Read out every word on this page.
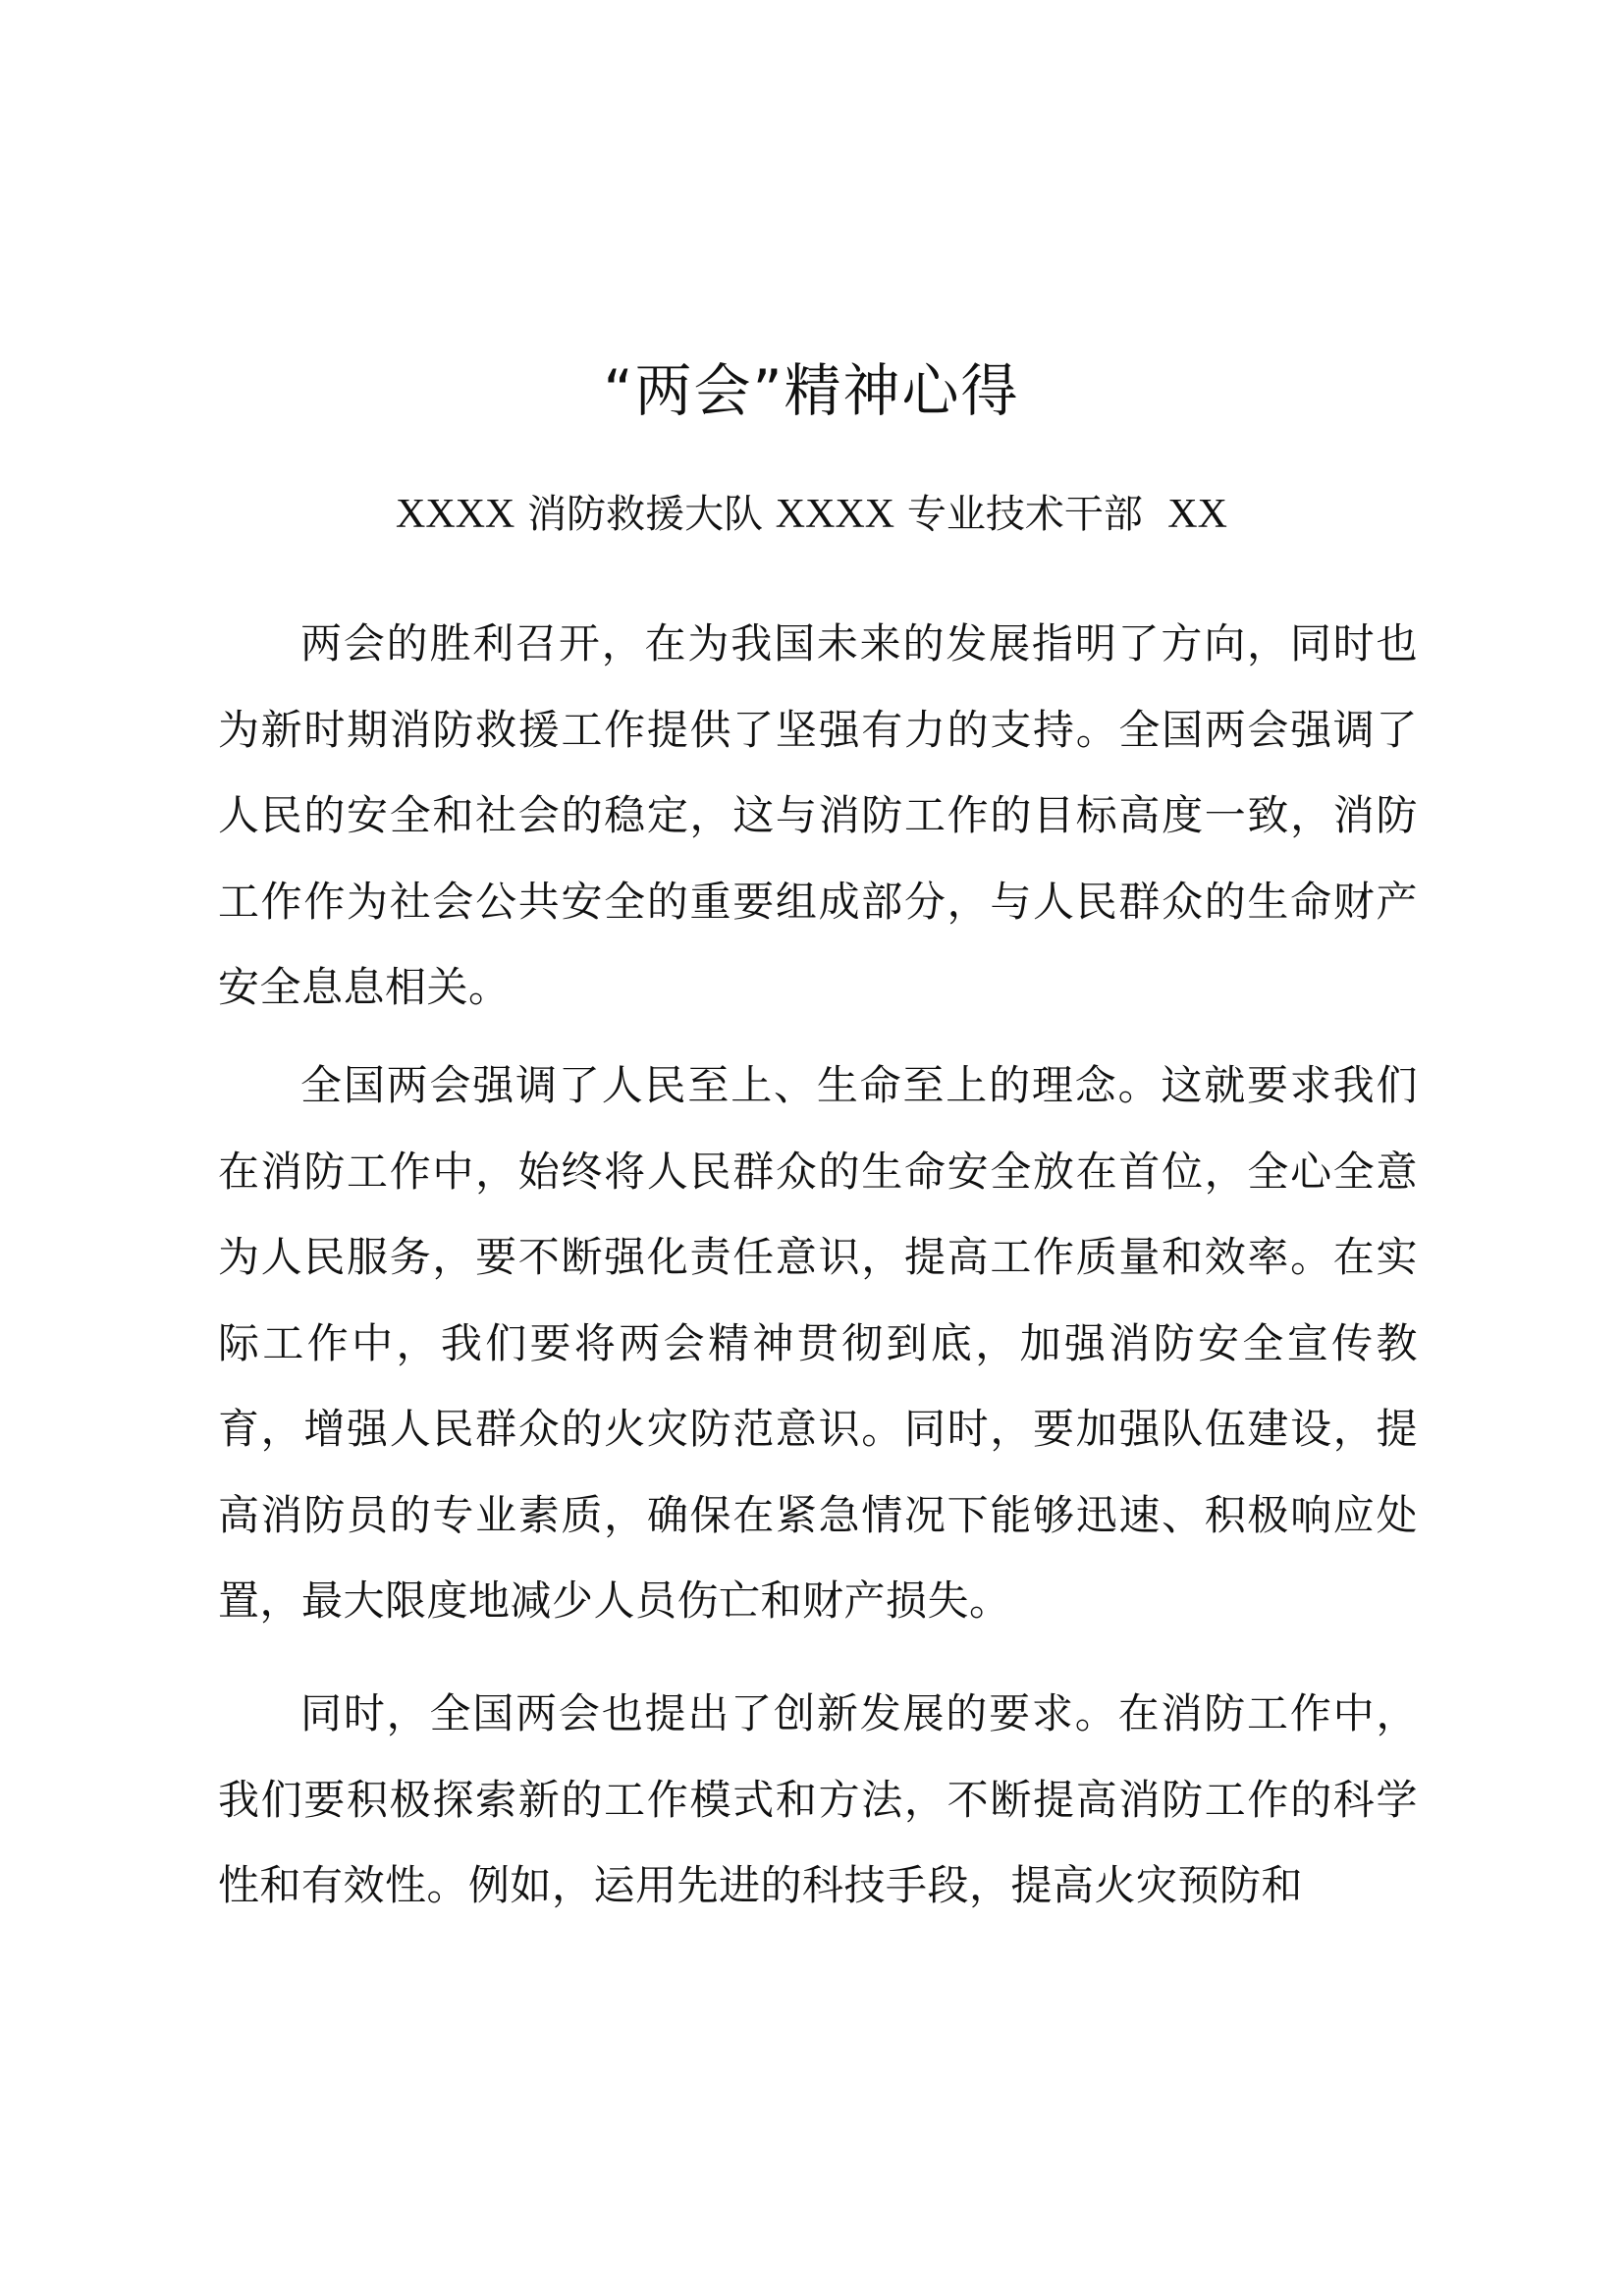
“两会”精神心得

XXXX 消防救援大队 XXXX 专业技术干部 XX

两会的胜利召开，在为我国未来的发展指明了方向，同时也为新时期消防救援工作提供了坚强有力的支持。全国两会强调了人民的安全和社会的稳定，这与消防工作的目标高度一致，消防工作作为社会公共安全的重要组成部分，与人民群众的生命财产安全息息相关。

全国两会强调了人民至上、生命至上的理念。这就要求我们在消防工作中，始终将人民群众的生命安全放在首位，全心全意为人民服务，要不断强化责任意识，提高工作质量和效率。在实际工作中，我们要将两会精神贯彻到底，加强消防安全宣传教育，增强人民群众的火灾防范意识。同时，要加强队伍建设，提高消防员的专业素质，确保在紧急情况下能够迅速、积极响应处置，最大限度地减少人员伤亡和财产损失。

同时，全国两会也提出了创新发展的要求。在消防工作中，我们要积极探索新的工作模式和方法，不断提高消防工作的科学性和有效性。例如，运用先进的科技手段，提高火灾预防和
